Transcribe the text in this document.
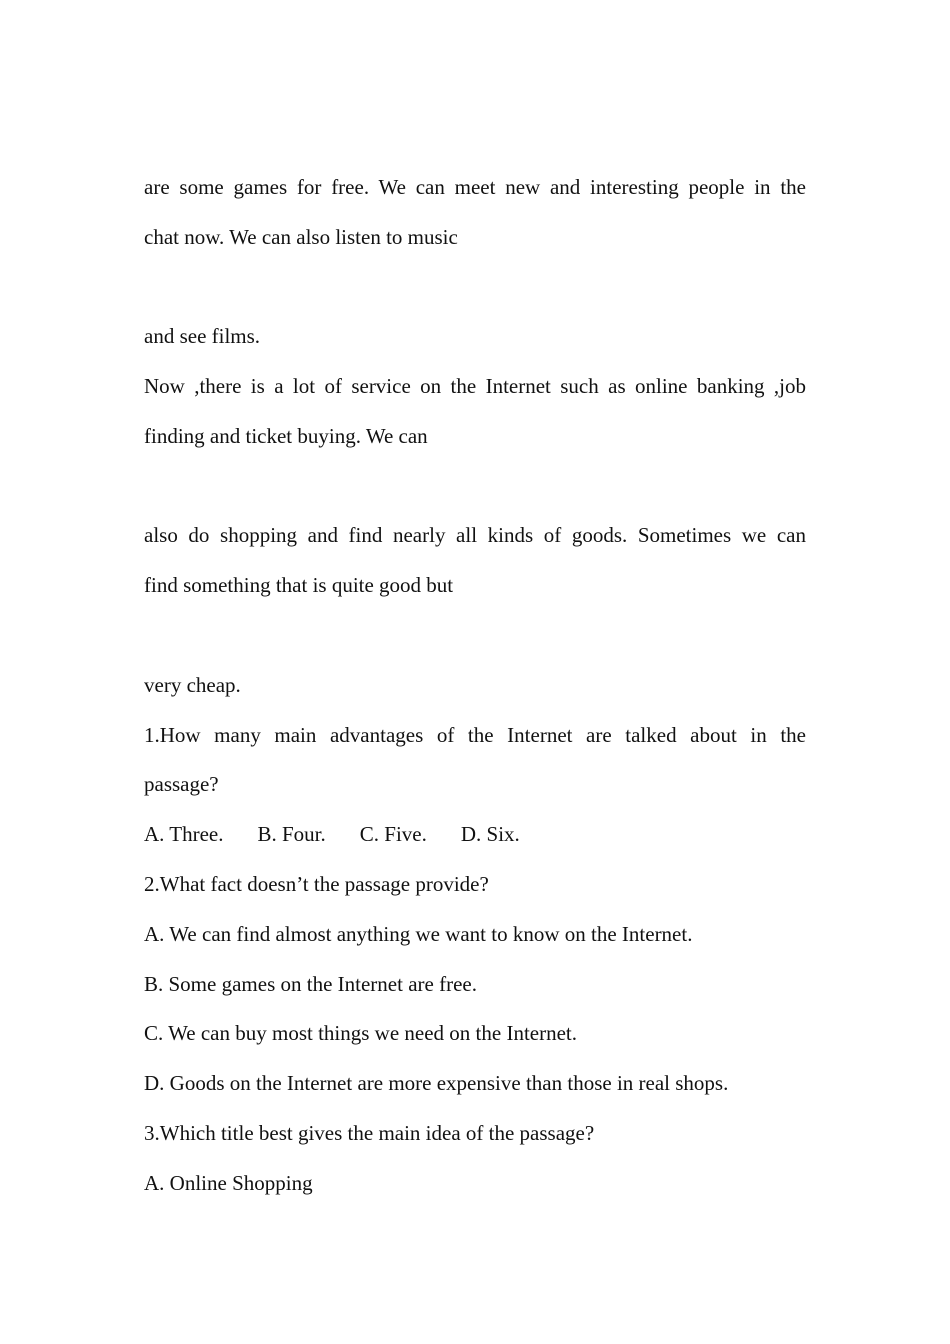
are some games for free. We can meet new and interesting people in the
chat now. We can also listen to music
and see films.
Now ,there is a lot of service on the Internet such as online banking ,job
finding and ticket buying. We can
also do shopping and find nearly all kinds of goods. Sometimes we can
find something that is quite good but
very cheap.
1.How many main advantages of the Internet are talked about in the
passage?
A. Three. B. Four. C. Five. D. Six.
2.What fact doesn’t the passage provide?
A. We can find almost anything we want to know on the Internet.
B. Some games on the Internet are free.
C. We can buy most things we need on the Internet.
D. Goods on the Internet are more expensive than those in real shops.
3.Which title best gives the main idea of the passage?
A. Online Shopping
